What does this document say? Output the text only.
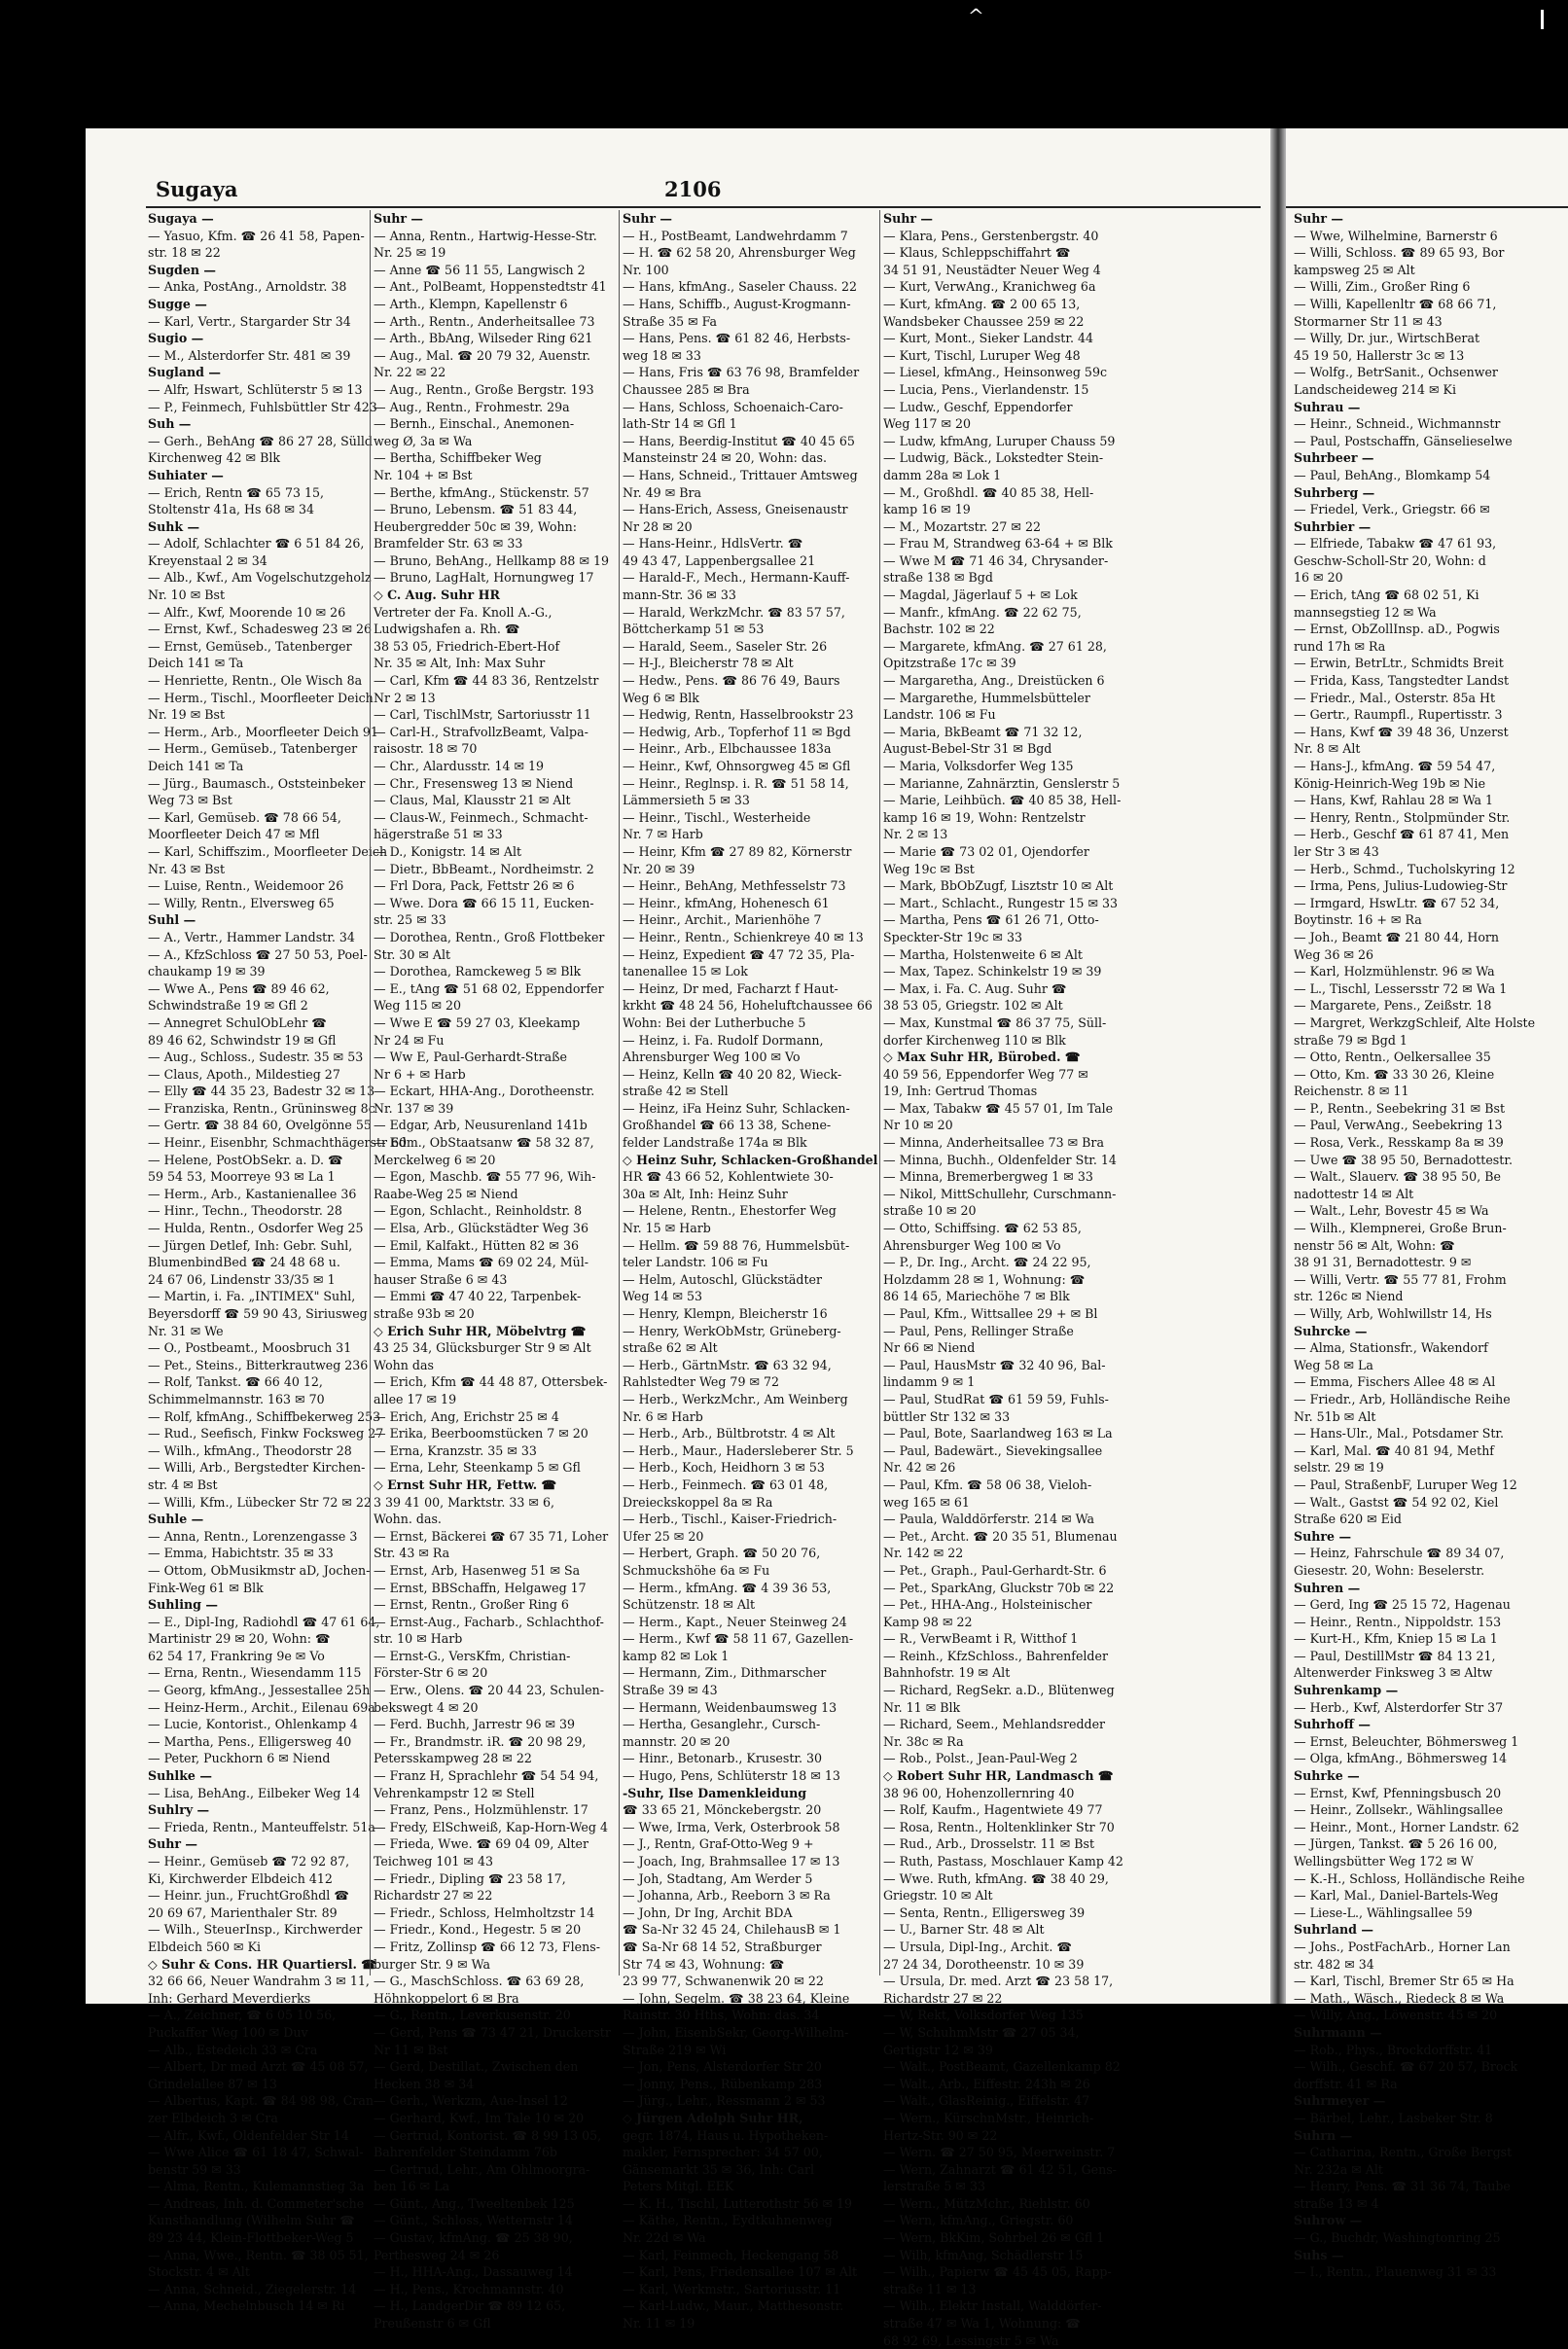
^
Sugaya	2106
Sugaya —
— Yasuo, Kfm. ☎ 26 41 58, Papen-
str. 18 ✉ 22
Sugden —
— Anka, PostAng., Arnoldstr. 38
Sugge —
— Karl, Vertr., Stargarder Str 34
Sugio —
— M., Alsterdorfer Str. 481 ✉ 39
Sugland —
— Alfr, Hswart, Schlüterstr 5 ✉ 13
— P., Feinmech, Fuhlsbüttler Str 423
Suh —
— Gerh., BehAng ☎ 86 27 28, Sülld
Kirchenweg 42 ✉ Blk
Suhiater —
— Erich, Rentn ☎ 65 73 15,
Stoltenstr 41a, Hs 68 ✉ 34
Suhk —
— Adolf, Schlachter ☎ 6 51 84 26,
Kreyenstaal 2 ✉ 34
— Alb., Kwf., Am Vogelschutzgeholz
Nr. 10 ✉ Bst
— Alfr., Kwf, Moorende 10 ✉ 26
— Ernst, Kwf., Schadesweg 23 ✉ 26
— Ernst, Gemüseb., Tatenberger
Deich 141 ✉ Ta
— Henriette, Rentn., Ole Wisch 8a
— Herm., Tischl., Moorfleeter Deich
Nr. 19 ✉ Bst
— Herm., Arb., Moorfleeter Deich 91
— Herm., Gemüseb., Tatenberger
Deich 141 ✉ Ta
— Jürg., Baumasch., Oststeinbeker
Weg 73 ✉ Bst
— Karl, Gemüseb. ☎ 78 66 54,
Moorfleeter Deich 47 ✉ Mfl
— Karl, Schiffszim., Moorfleeter Deich
Nr. 43 ✉ Bst
— Luise, Rentn., Weidemoor 26
— Willy, Rentn., Elversweg 65
Suhl —
— A., Vertr., Hammer Landstr. 34
— A., KfzSchloss ☎ 27 50 53, Poel-
chaukamp 19 ✉ 39
— Wwe A., Pens ☎ 89 46 62,
Schwindstraße 19 ✉ Gfl 2
— Annegret SchulObLehr ☎
89 46 62, Schwindstr 19 ✉ Gfl
— Aug., Schloss., Sudestr. 35 ✉ 53
— Claus, Apoth., Mildestieg 27
— Elly ☎ 44 35 23, Badestr 32 ✉ 13
— Franziska, Rentn., Grüninsweg 8c
— Gertr. ☎ 38 84 60, Ovelgönne 55
— Heinr., Eisenbhr, Schmachthägerstr 60
— Helene, PostObSekr. a. D. ☎
59 54 53, Moorreye 93 ✉ La 1
— Herm., Arb., Kastanienallee 36
— Hinr., Techn., Theodorstr. 28
— Hulda, Rentn., Osdorfer Weg 25
— Jürgen Detlef, Inh: Gebr. Suhl,
BlumenbindBed ☎ 24 48 68 u.
24 67 06, Lindenstr 33/35 ✉ 1
— Martin, i. Fa. „INTIMEX" Suhl,
Beyersdorff ☎ 59 90 43, Siriusweg
Nr. 31 ✉ We
— O., Postbeamt., Moosbruch 31
— Pet., Steins., Bitterkrautweg 236
— Rolf, Tankst. ☎ 66 40 12,
Schimmelmannstr. 163 ✉ 70
— Rolf, kfmAng., Schiffbekerweg 253
— Rud., Seefisch, Finkw Focksweg 27
— Wilh., kfmAng., Theodorstr 28
— Willi, Arb., Bergstedter Kirchen-
str. 4 ✉ Bst
— Willi, Kfm., Lübecker Str 72 ✉ 22
Suhle —
— Anna, Rentn., Lorenzengasse 3
— Emma, Habichtstr. 35 ✉ 33
— Ottom, ObMusikmstr aD, Jochen-
Fink-Weg 61 ✉ Blk
Suhling —
— E., Dipl-Ing, Radiohdl ☎ 47 61 64,
Martinistr 29 ✉ 20, Wohn: ☎
62 54 17, Frankring 9e ✉ Vo
— Erna, Rentn., Wiesendamm 115
— Georg, kfmAng., Jessestallee 25h
— Heinz-Herm., Archit., Eilenau 69a
— Lucie, Kontorist., Ohlenkamp 4
— Martha, Pens., Elligersweg 40
— Peter, Puckhorn 6 ✉ Niend
Suhlke —
— Lisa, BehAng., Eilbeker Weg 14
Suhlry —
— Frieda, Rentn., Manteuffelstr. 51a
Suhr —
— Heinr., Gemüseb ☎ 72 92 87,
Ki, Kirchwerder Elbdeich 412
— Heinr. jun., FruchtGroßhdl ☎
20 69 67, Marienthaler Str. 89
— Wilh., SteuerInsp., Kirchwerder
Elbdeich 560 ✉ Ki
◇ Suhr & Cons. HR Quartiersl. ☎
32 66 66, Neuer Wandrahm 3 ✉ 11,
Inh: Gerhard Meverdierks
— A., Zeichner, ☎ 6 05 10 56,
Puckaffer Weg 100 ✉ Duv
— Alb., Estedeich 33 ✉ Cra
— Albert, Dr med Arzt ☎ 45 08 57,
Grindelallee 87 ✉ 13
— Albertus, Kapt. ☎ 84 98 98, Cran-
zer Elbdeich 3 ✉ Cra
— Alfr., Kwf., Oldenfelder Str 14
— Wwe Alice ☎ 61 18 47, Schwal-
benstr 59 ✉ 33
— Alma, Rentn., Kulemannstieg 3a
— Andreas, Inh. d. Commeter'sche
Kunsthandlung (Wilhelm Suhr ☎
89 23 44, Klein-Flottbeker-Weg 5
— Anna, Wwe., Rentn. ☎ 38 05 51,
Stockstr. 4 ✉ Alt
— Anna, Schneid., Ziegelerstr. 14
— Anna, Mechelnbusch 14 ✉ Ri
Suhr —
— Anna, Rentn., Hartwig-Hesse-Str.
Nr. 25 ✉ 19
— Anne ☎ 56 11 55, Langwisch 2
— Ant., PolBeamt, Hoppenstedtstr 41
— Arth., Klempn, Kapellenstr 6
— Arth., Rentn., Anderheitsallee 73
— Arth., BbAng, Wilseder Ring 621
— Aug., Mal. ☎ 20 79 32, Auenstr.
Nr. 22 ✉ 22
— Aug., Rentn., Große Bergstr. 193
— Aug., Rentn., Frohmestr. 29a
— Bernh., Einschal., Anemonen-
weg Ø, 3a ✉ Wa
— Bertha, Schiffbeker Weg
Nr. 104 + ✉ Bst
— Berthe, kfmAng., Stückenstr. 57
— Bruno, Lebensm. ☎ 51 83 44,
Heubergredder 50c ✉ 39, Wohn:
Bramfelder Str. 63 ✉ 33
— Bruno, BehAng., Hellkamp 88 ✉ 19
— Bruno, LagHalt, Hornungweg 17
◇ C. Aug. Suhr HR
Vertreter der Fa. Knoll A.-G.,
Ludwigshafen a. Rh. ☎
38 53 05, Friedrich-Ebert-Hof
Nr. 35 ✉ Alt, Inh: Max Suhr
— Carl, Kfm ☎ 44 83 36, Rentzelstr
Nr 2 ✉ 13
— Carl, TischlMstr, Sartoriusstr 11
— Carl-H., StrafvollzBeamt, Valpa-
raisostr. 18 ✉ 70
— Chr., Alardusstr. 14 ✉ 19
— Chr., Fresensweg 13 ✉ Niend
— Claus, Mal, Klausstr 21 ✉ Alt
— Claus-W., Feinmech., Schmacht-
hägerstraße 51 ✉ 33
— D., Konigstr. 14 ✉ Alt
— Dietr., BbBeamt., Nordheimstr. 2
— Frl Dora, Pack, Fettstr 26 ✉ 6
— Wwe. Dora ☎ 66 15 11, Eucken-
str. 25 ✉ 33
— Dorothea, Rentn., Groß Flottbeker
Str. 30 ✉ Alt
— Dorothea, Ramckeweg 5 ✉ Blk
— E., tAng ☎ 51 68 02, Eppendorfer
Weg 115 ✉ 20
— Wwe E ☎ 59 27 03, Kleekamp
Nr 24 ✉ Fu
— Ww E, Paul-Gerhardt-Straße
Nr 6 + ✉ Harb
— Eckart, HHA-Ang., Dorotheenstr.
Nr. 137 ✉ 39
— Edgar, Arb, Neusurenland 141b
— Edm., ObStaatsanw ☎ 58 32 87,
Merckelweg 6 ✉ 20
— Egon, Maschb. ☎ 55 77 96, Wih-
Raabe-Weg 25 ✉ Niend
— Egon, Schlacht., Reinholdstr. 8
— Elsa, Arb., Glückstädter Weg 36
— Emil, Kalfakt., Hütten 82 ✉ 36
— Emma, Mams ☎ 69 02 24, Mül-
hauser Straße 6 ✉ 43
— Emmi ☎ 47 40 22, Tarpenbek-
straße 93b ✉ 20
◇ Erich Suhr HR, Möbelvtrg ☎
43 25 34, Glücksburger Str 9 ✉ Alt
Wohn das
— Erich, Kfm ☎ 44 48 87, Ottersbek-
allee 17 ✉ 19
— Erich, Ang, Erichstr 25 ✉ 4
— Erika, Beerboomstücken 7 ✉ 20
— Erna, Kranzstr. 35 ✉ 33
— Erna, Lehr, Steenkamp 5 ✉ Gfl
◇ Ernst Suhr HR, Fettw. ☎
3 39 41 00, Marktstr. 33 ✉ 6,
Wohn. das.
— Ernst, Bäckerei ☎ 67 35 71, Loher
Str. 43 ✉ Ra
— Ernst, Arb, Hasenweg 51 ✉ Sa
— Ernst, BBSchaffn, Helgaweg 17
— Ernst, Rentn., Großer Ring 6
— Ernst-Aug., Facharb., Schlachthof-
str. 10 ✉ Harb
— Ernst-G., VersKfm, Christian-
Förster-Str 6 ✉ 20
— Erw., Olens. ☎ 20 44 23, Schulen-
bekswegt 4 ✉ 20
— Ferd. Buchh, Jarrestr 96 ✉ 39
— Fr., Brandmstr. iR. ☎ 20 98 29,
Petersskampweg 28 ✉ 22
— Franz H, Sprachlehr ☎ 54 54 94,
Vehrenkampstr 12 ✉ Stell
— Franz, Pens., Holzmühlenstr. 17
— Fredy, ElSchweiß, Kap-Horn-Weg 4
— Frieda, Wwe. ☎ 69 04 09, Alter
Teichweg 101 ✉ 43
— Friedr., Dipling ☎ 23 58 17,
Richardstr 27 ✉ 22
— Friedr., Schloss, Helmholtzstr 14
— Friedr., Kond., Hegestr. 5 ✉ 20
— Fritz, Zollinsp ☎ 66 12 73, Flens-
burger Str. 9 ✉ Wa
— G., MaschSchloss. ☎ 63 69 28,
Höhnkoppelort 6 ✉ Bra
— G., Rentn., Leverkusenstr. 20
— Gerd, Pens ☎ 73 47 21, Druckerstr
Nr 11 ✉ Bst
— Gerd, Destillat., Zwischen den
Hecken 38 ✉ 34
— Gerh., Werkzm, Aue-Insel 12
— Gerhard, Kwf., Im Tale 10 ✉ 20
— Gertrud, Kontorist. ☎ 8 99 13 05,
Bahrenfelder Steindamm 76b
— Gertrud, Lehr., Am Ohlmoorgra-
ben 16 ✉ La
— Günt., Ang., Tweeltenbek 125
— Günt., Schloss, Wetternstr 14
— Gustav, kfmAng. ☎ 25 38 90,
Perthesweg 24 ✉ 26
— H., HHA-Ang., Dassauweg 14
— H., Pens., Krochmannstr. 40
— H., LandgerDir ☎ 89 12 65,
Preußenstr 6 ✉ Gfl
Suhr —
— H., PostBeamt, Landwehrdamm 7
— H. ☎ 62 58 20, Ahrensburger Weg
Nr. 100
— Hans, kfmAng., Saseler Chauss. 22
— Hans, Schiffb., August-Krogmann-
Straße 35 ✉ Fa
— Hans, Pens. ☎ 61 82 46, Herbsts-
weg 18 ✉ 33
— Hans, Fris ☎ 63 76 98, Bramfelder
Chaussee 285 ✉ Bra
— Hans, Schloss, Schoenaich-Caro-
lath-Str 14 ✉ Gfl 1
— Hans, Beerdig-Institut ☎ 40 45 65
Mansteinstr 24 ✉ 20, Wohn: das.
— Hans, Schneid., Trittauer Amtsweg
Nr. 49 ✉ Bra
— Hans-Erich, Assess, Gneisenaustr
Nr 28 ✉ 20
— Hans-Heinr., HdlsVertr. ☎
49 43 47, Lappenbergsallee 21
— Harald-F., Mech., Hermann-Kauff-
mann-Str. 36 ✉ 33
— Harald, WerkzMchr. ☎ 83 57 57,
Böttcherkamp 51 ✉ 53
— Harald, Seem., Saseler Str. 26
— H-J., Bleicherstr 78 ✉ Alt
— Hedw., Pens. ☎ 86 76 49, Baurs
Weg 6 ✉ Blk
— Hedwig, Rentn, Hasselbrookstr 23
— Hedwig, Arb., Topferhof 11 ✉ Bgd
— Heinr., Arb., Elbchaussee 183a
— Heinr., Kwf, Ohnsorgweg 45 ✉ Gfl
— Heinr., Reglnsp. i. R. ☎ 51 58 14,
Lämmersieth 5 ✉ 33
— Heinr., Tischl., Westerheide
Nr. 7 ✉ Harb
— Heinr, Kfm ☎ 27 89 82, Körnerstr
Nr. 20 ✉ 39
— Heinr., BehAng, Methfesselstr 73
— Heinr., kfmAng, Hohenesch 61
— Heinr., Archit., Marienhöhe 7
— Heinr., Rentn., Schienkreye 40 ✉ 13
— Heinz, Expedient ☎ 47 72 35, Pla-
tanenallee 15 ✉ Lok
— Heinz, Dr med, Facharzt f Haut-
krkht ☎ 48 24 56, Hoheluftchaussee 66
Wohn: Bei der Lutherbuche 5
— Heinz, i. Fa. Rudolf Dormann,
Ahrensburger Weg 100 ✉ Vo
— Heinz, Kelln ☎ 40 20 82, Wieck-
straße 42 ✉ Stell
— Heinz, iFa Heinz Suhr, Schlacken-
Großhandel ☎ 66 13 38, Schene-
felder Landstraße 174a ✉ Blk
◇ Heinz Suhr, Schlacken-Großhandel
HR ☎ 43 66 52, Kohlentwiete 30-
30a ✉ Alt, Inh: Heinz Suhr
— Helene, Rentn., Ehestorfer Weg
Nr. 15 ✉ Harb
— Hellm. ☎ 59 88 76, Hummelsbüt-
teler Landstr. 106 ✉ Fu
— Helm, Autoschl, Glückstädter
Weg 14 ✉ 53
— Henry, Klempn, Bleicherstr 16
— Henry, WerkObMstr, Grüneberg-
straße 62 ✉ Alt
— Herb., GärtnMstr. ☎ 63 32 94,
Rahlstedter Weg 79 ✉ 72
— Herb., WerkzMchr., Am Weinberg
Nr. 6 ✉ Harb
— Herb., Arb., Bültbrotstr. 4 ✉ Alt
— Herb., Maur., Hadersleberer Str. 5
— Herb., Koch, Heidhorn 3 ✉ 53
— Herb., Feinmech. ☎ 63 01 48,
Dreieckskoppel 8a ✉ Ra
— Herb., Tischl., Kaiser-Friedrich-
Ufer 25 ✉ 20
— Herbert, Graph. ☎ 50 20 76,
Schmuckshöhe 6a ✉ Fu
— Herm., kfmAng. ☎ 4 39 36 53,
Schützenstr. 18 ✉ Alt
— Herm., Kapt., Neuer Steinweg 24
— Herm., Kwf ☎ 58 11 67, Gazellen-
kamp 82 ✉ Lok 1
— Hermann, Zim., Dithmarscher
Straße 39 ✉ 43
— Hermann, Weidenbaumsweg 13
— Hertha, Gesanglehr., Cursch-
mannstr. 20 ✉ 20
— Hinr., Betonarb., Krusestr. 30
— Hugo, Pens, Schlüterstr 18 ✉ 13
-Suhr, Ilse Damenkleidung
☎ 33 65 21, Mönckebergstr. 20
— Wwe, Irma, Verk, Osterbrook 58
— J., Rentn, Graf-Otto-Weg 9 +
— Joach, Ing, Brahmsallee 17 ✉ 13
— Joh, Stadtang, Am Werder 5
— Johanna, Arb., Reeborn 3 ✉ Ra
— John, Dr Ing, Archit BDA
☎ Sa-Nr 32 45 24, ChilehausB ✉ 1
☎ Sa-Nr 68 14 52, Straßburger
Str 74 ✉ 43, Wohnung: ☎
23 99 77, Schwanenwik 20 ✉ 22
— John, Segelm. ☎ 38 23 64, Kleine
Rainstr. 30 Hths, Wohn: das. 34
— John, EisenbSekr, Georg-Wilhelm-
Straße 219 ✉ Wi
— Jon, Pens, Alsterdorfer Str 20
— Jonny, Pens., Rübenkamp 283
— Jürg., Lehr., Ressmann 2 ✉ 53
◇ Jürgen Adolph Suhr HR,
gegr. 1874, Haus u. Hypotheken-
makler, Fernsprecher: 34 57 00,
Gänsemarkt 35 ✉ 36, Inh: Carl
Peters Mitgl. EEK
— K. H., Tischl, Lutterothstr 56 ✉ 19
— Käthe, Rentn., Eydtkuhnenweg
Nr. 22d ✉ Wa
— Karl, Feinmech, Heckengang 58
— Karl, Pens, Friedensallee 107 ✉ Alt
— Karl, Werkmstr., Sartoriusstr. 11
— Karl-Ludw., Maur., Matthesonstr.
Nr. 11 ✉ 19
Suhr —
— Klara, Pens., Gerstenbergstr. 40
— Klaus, Schleppschiffahrt ☎
34 51 91, Neustädter Neuer Weg 4
— Kurt, VerwAng., Kranichweg 6a
— Kurt, kfmAng. ☎ 2 00 65 13,
Wandsbeker Chaussee 259 ✉ 22
— Kurt, Mont., Sieker Landstr. 44
— Kurt, Tischl, Luruper Weg 48
— Liesel, kfmAng., Heinsonweg 59c
— Lucia, Pens., Vierlandenstr. 15
— Ludw., Geschf, Eppendorfer
Weg 117 ✉ 20
— Ludw, kfmAng, Luruper Chauss 59
— Ludwig, Bäck., Lokstedter Stein-
damm 28a ✉ Lok 1
— M., Großhdl. ☎ 40 85 38, Hell-
kamp 16 ✉ 19
— M., Mozartstr. 27 ✉ 22
— Frau M, Strandweg 63-64 + ✉ Blk
— Wwe M ☎ 71 46 34, Chrysander-
straße 138 ✉ Bgd
— Magdal, Jägerlauf 5 + ✉ Lok
— Manfr., kfmAng. ☎ 22 62 75,
Bachstr. 102 ✉ 22
— Margarete, kfmAng. ☎ 27 61 28,
Opitzstraße 17c ✉ 39
— Margaretha, Ang., Dreistücken 6
— Margarethe, Hummelsbütteler
Landstr. 106 ✉ Fu
— Maria, BkBeamt ☎ 71 32 12,
August-Bebel-Str 31 ✉ Bgd
— Maria, Volksdorfer Weg 135
— Marianne, Zahnärztin, Genslerstr 5
— Marie, Leihbüch. ☎ 40 85 38, Hell-
kamp 16 ✉ 19, Wohn: Rentzelstr
Nr. 2 ✉ 13
— Marie ☎ 73 02 01, Ojendorfer
Weg 19c ✉ Bst
— Mark, BbObZugf, Lisztstr 10 ✉ Alt
— Mart., Schlacht., Rungestr 15 ✉ 33
— Martha, Pens ☎ 61 26 71, Otto-
Speckter-Str 19c ✉ 33
— Martha, Holstenweite 6 ✉ Alt
— Max, Tapez. Schinkelstr 19 ✉ 39
— Max, i. Fa. C. Aug. Suhr ☎
38 53 05, Griegstr. 102 ✉ Alt
— Max, Kunstmal ☎ 86 37 75, Süll-
dorfer Kirchenweg 110 ✉ Blk
◇ Max Suhr HR, Bürobed. ☎
40 59 56, Eppendorfer Weg 77 ✉
19, Inh: Gertrud Thomas
— Max, Tabakw ☎ 45 57 01, Im Tale
Nr 10 ✉ 20
— Minna, Anderheitsallee 73 ✉ Bra
— Minna, Buchh., Oldenfelder Str. 14
— Minna, Bremerbergweg 1 ✉ 33
— Nikol, MittSchullehr, Curschmann-
straße 10 ✉ 20
— Otto, Schiffsing. ☎ 62 53 85,
Ahrensburger Weg 100 ✉ Vo
— P., Dr. Ing., Archt. ☎ 24 22 95,
Holzdamm 28 ✉ 1, Wohnung: ☎
86 14 65, Mariechöhe 7 ✉ Blk
— Paul, Kfm., Wittsallee 29 + ✉ Bl
— Paul, Pens, Rellinger Straße
Nr 66 ✉ Niend
— Paul, HausMstr ☎ 32 40 96, Bal-
lindamm 9 ✉ 1
— Paul, StudRat ☎ 61 59 59, Fuhls-
büttler Str 132 ✉ 33
— Paul, Bote, Saarlandweg 163 ✉ La
— Paul, Badewärt., Sievekingsallee
Nr. 42 ✉ 26
— Paul, Kfm. ☎ 58 06 38, Vieloh-
weg 165 ✉ 61
— Paula, Walddörferstr. 214 ✉ Wa
— Pet., Archt. ☎ 20 35 51, Blumenau
Nr. 142 ✉ 22
— Pet., Graph., Paul-Gerhardt-Str. 6
— Pet., SparkAng, Gluckstr 70b ✉ 22
— Pet., HHA-Ang., Holsteinischer
Kamp 98 ✉ 22
— R., VerwBeamt i R, Witthof 1
— Reinh., KfzSchloss., Bahrenfelder
Bahnhofstr. 19 ✉ Alt
— Richard, RegSekr. a.D., Blütenweg
Nr. 11 ✉ Blk
— Richard, Seem., Mehlandsredder
Nr. 38c ✉ Ra
— Rob., Polst., Jean-Paul-Weg 2
◇ Robert Suhr HR, Landmasch ☎
38 96 00, Hohenzollernring 40
— Rolf, Kaufm., Hagentwiete 49 77
— Rosa, Rentn., Holtenklinker Str 70
— Rud., Arb., Drosselstr. 11 ✉ Bst
— Ruth, Pastass, Moschlauer Kamp 42
— Wwe. Ruth, kfmAng. ☎ 38 40 29,
Griegstr. 10 ✉ Alt
— Senta, Rentn., Elligersweg 39
— U., Barner Str. 48 ✉ Alt
— Ursula, Dipl-Ing., Archit. ☎
27 24 34, Dorotheenstr. 10 ✉ 39
— Ursula, Dr. med. Arzt ☎ 23 58 17,
Richardstr 27 ✉ 22
— W, Rekt, Volksdorfer Weg 135
— W, SchuhmMstr ☎ 27 05 34,
Gertigstr 12 ✉ 39
— Walt., PostBeamt, Gazellenkamp 82
— Walt., Arb., Eiffestr. 243h ✉ 26
— Walt., GlasReinig., Eiffelstr. 47
— Wern., KürschnMstr., Heinrich-
Hertz-Str. 90 ✉ 22
— Wern. ☎ 27 50 95, Meerweinstr. 7
— Wern, Zahnarzt ☎ 61 42 51, Gens-
lerstraße 5 ✉ 33
— Wern., MützMchr., Riehlstr. 60
— Wern, kfmAng., Griegstr. 60
— Wern, BkKim, Sohrbel 26 ✉ Gfl 1
— Wilh, kfmAng, Schädlerstr 15
— Wilh., Papierw ☎ 45 45 05, Rapp-
straße 11 ✉ 13
— Wilh., Elektr Install, Walddörfer-
straße 47 ✉ Wa 1, Wohnung: ☎
68 92 69, Lessingstr 5 ✉ Wa
Suhr —
— Wwe, Wilhelmine, Barnerstr 6
— Willi, Schloss. ☎ 89 65 93, Bor
kampsweg 25 ✉ Alt
— Willi, Zim., Großer Ring 6
— Willi, Kapellenltr ☎ 68 66 71,
Stormarner Str 11 ✉ 43
— Willy, Dr. jur., WirtschBerat
45 19 50, Hallerstr 3c ✉ 13
— Wolfg., BetrSanit., Ochsenwer
Landscheideweg 214 ✉ Ki
Suhrau —
— Heinr., Schneid., Wichmannstr
— Paul, Postschaffn, Gänselieselwe
Suhrbeer —
— Paul, BehAng., Blomkamp 54
Suhrberg —
— Friedel, Verk., Griegstr. 66 ✉
Suhrbier —
— Elfriede, Tabakw ☎ 47 61 93,
Geschw-Scholl-Str 20, Wohn: d
16 ✉ 20
— Erich, tAng ☎ 68 02 51, Ki
mannsegstieg 12 ✉ Wa
— Ernst, ObZollInsp. aD., Pogwis
rund 17h ✉ Ra
— Erwin, BetrLtr., Schmidts Breit
— Frida, Kass, Tangstedter Landst
— Friedr., Mal., Osterstr. 85a Ht
— Gertr., Raumpfl., Rupertisstr. 3
— Hans, Kwf ☎ 39 48 36, Unzerst
Nr. 8 ✉ Alt
— Hans-J., kfmAng. ☎ 59 54 47,
König-Heinrich-Weg 19b ✉ Nie
— Hans, Kwf, Rahlau 28 ✉ Wa 1
— Henry, Rentn., Stolpmünder Str.
— Herb., Geschf ☎ 61 87 41, Men
ler Str 3 ✉ 43
— Herb., Schmd., Tucholskyring 12
— Irma, Pens, Julius-Ludowieg-Str
— Irmgard, HswLtr. ☎ 67 52 34,
Boytinstr. 16 + ✉ Ra
— Joh., Beamt ☎ 21 80 44, Horn
Weg 36 ✉ 26
— Karl, Holzmühlenstr. 96 ✉ Wa
— L., Tischl, Lessersstr 72 ✉ Wa 1
— Margarete, Pens., Zeißstr. 18
— Margret, WerkzgSchleif, Alte Holste
straße 79 ✉ Bgd 1
— Otto, Rentn., Oelkersallee 35
— Otto, Km. ☎ 33 30 26, Kleine
Reichenstr. 8 ✉ 11
— P., Rentn., Seebekring 31 ✉ Bst
— Paul, VerwAng., Seebekring 13
— Rosa, Verk., Resskamp 8a ✉ 39
— Uwe ☎ 38 95 50, Bernadottestr.
— Walt., Slauerv. ☎ 38 95 50, Be
nadottestr 14 ✉ Alt
— Walt., Lehr, Bovestr 45 ✉ Wa
— Wilh., Klempnerei, Große Brun-
nenstr 56 ✉ Alt, Wohn: ☎
38 91 31, Bernadottestr. 9 ✉
— Willi, Vertr. ☎ 55 77 81, Frohm
str. 126c ✉ Niend
— Willy, Arb, Wohlwillstr 14, Hs
Suhrcke —
— Alma, Stationsfr., Wakendorf
Weg 58 ✉ La
— Emma, Fischers Allee 48 ✉ Al
— Friedr., Arb, Holländische Reihe
Nr. 51b ✉ Alt
— Hans-Ulr., Mal., Potsdamer Str.
— Karl, Mal. ☎ 40 81 94, Methf
selstr. 29 ✉ 19
— Paul, StraßenbF, Luruper Weg 12
— Walt., Gastst ☎ 54 92 02, Kiel
Straße 620 ✉ Eid
Suhre —
— Heinz, Fahrschule ☎ 89 34 07,
Giesestr. 20, Wohn: Beselerstr.
Suhren —
— Gerd, Ing ☎ 25 15 72, Hagenau
— Heinr., Rentn., Nippoldstr. 153
— Kurt-H., Kfm, Kniep 15 ✉ La 1
— Paul, DestillMstr ☎ 84 13 21,
Altenwerder Finksweg 3 ✉ Altw
Suhrenkamp —
— Herb., Kwf, Alsterdorfer Str 37
Suhrhoff —
— Ernst, Beleuchter, Böhmersweg 1
— Olga, kfmAng., Böhmersweg 14
Suhrke —
— Ernst, Kwf, Pfenningsbusch 20
— Heinr., Zollsekr., Wählingsallee
— Heinr., Mont., Horner Landstr. 62
— Jürgen, Tankst. ☎ 5 26 16 00,
Wellingsbütter Weg 172 ✉ W
— K.-H., Schloss, Holländische Reihe
— Karl, Mal., Daniel-Bartels-Weg
— Liese-L., Wählingsallee 59
Suhrland —
— Johs., PostFachArb., Horner Lan
str. 482 ✉ 34
— Karl, Tischl, Bremer Str 65 ✉ Ha
— Math., Wäsch., Riedeck 8 ✉ Wa
— Willy, Ang., Löwenstr. 45 ✉ 20
Suhrmann —
— Rob., Phys., Brockdorffstr. 41
— Wilh., Geschf. ☎ 67 20 57, Brock
dorffstr. 41 ✉ Ra
Suhrmeyer —
— Bärbel, Lehr., Lasbeker Str. 8
Suhrn —
— Catharina, Rentn., Große Bergst
Nr. 232a ✉ Alt
— Henry, Pens. ☎ 31 36 74, Taube
straße 13 ✉ 4
Suhrow —
— G., Buchdr, Washingtonring 25
Suhs —
— I., Rentn., Plauenweg 31 ✉ 33
